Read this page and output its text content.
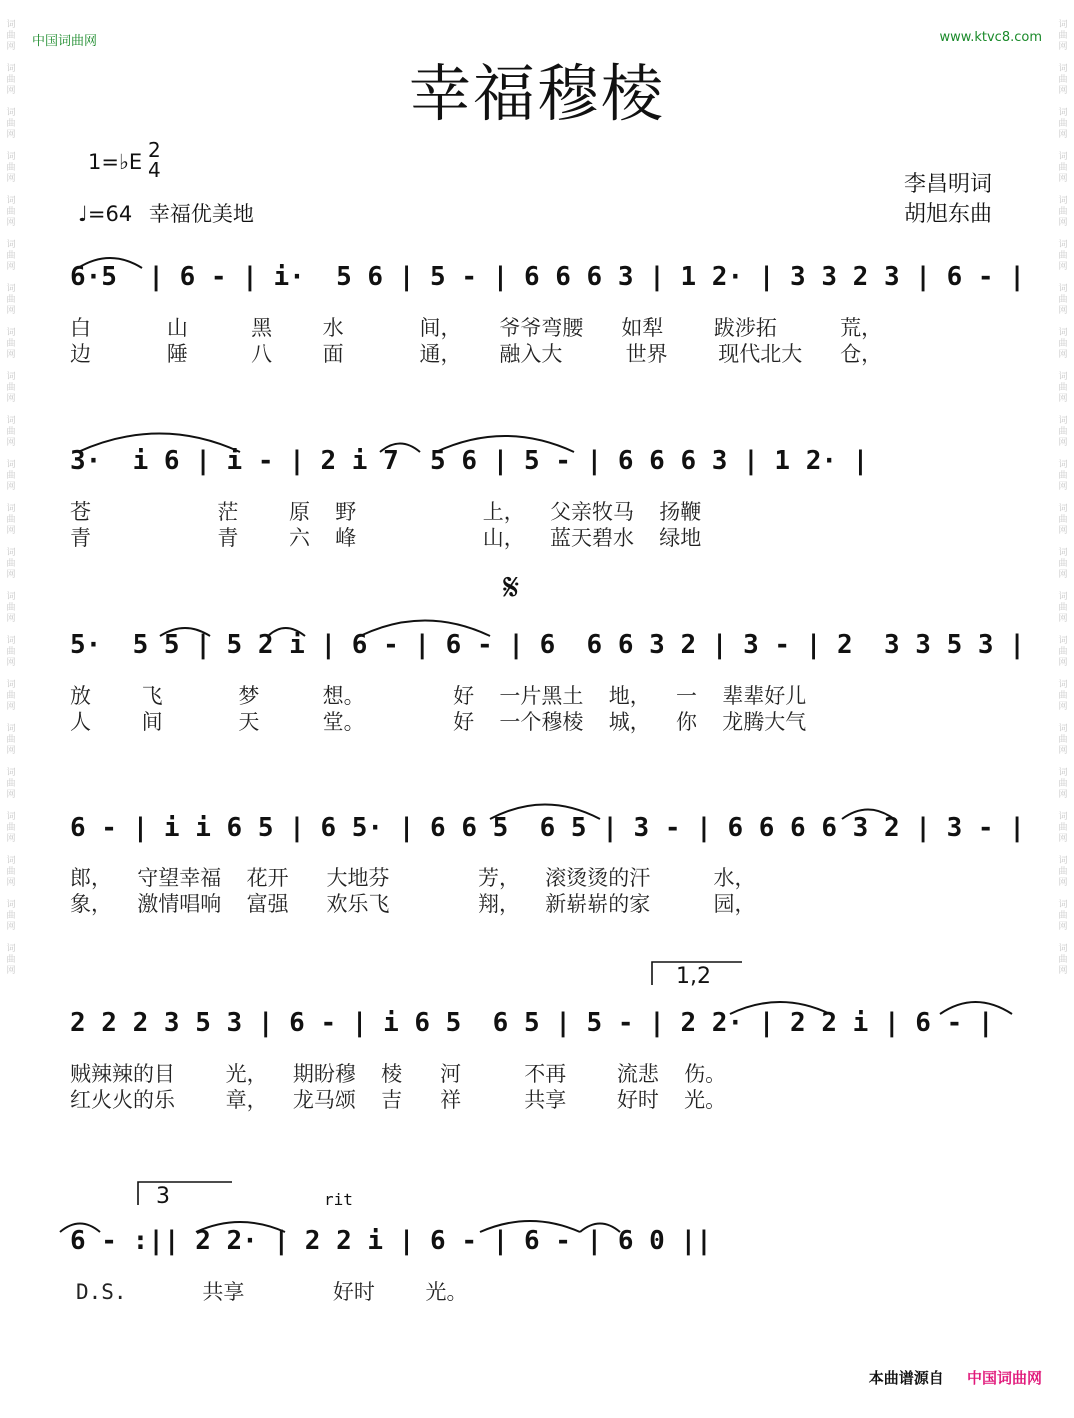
中国词曲网	www.ktvc8.com
词
曲
网

词
曲
网

词
曲
网

词
曲
网

词
曲
网

词
曲
网

词
曲
网

词
曲
网

词
曲
网

词
曲
网

词
曲
网

词
曲
网

词
曲
网

词
曲
网

词
曲
网

词
曲
网

词
曲
网

词
曲
网

词
曲
网

词
曲
网

词
曲
网

词
曲
网

词
曲
网

词
曲
网

词
曲
网

词
曲
网

词
曲
网

词
曲
网

词
曲
网

词
曲
网

词
曲
网

词
曲
网

词
曲
网

词
曲
网

词
曲
网

词
曲
网

词
曲
网

词
曲
网

词
曲
网

词
曲
网

词
曲
网

词
曲
网

词
曲
网

词
曲
网

幸福穆棱
1=♭E 2
4
♩=64 幸福优美地
李昌明词
胡旭东曲
6·5  | 6 - | i·  5 6 | 5 - | 6 6 6 3 | 1 2· | 3 3 2 3 | 6 - |
白      山     黑    水      间，   爷爷弯腰   如犁    跋涉拓     荒，
边      陲     八    面      通，   融入大     世界    现代北大   仓，
3·  i 6 | i - | 2 i 7  5 6 | 5 - | 6 6 6 3 | 1 2· |
苍          茫    原  野          上，  父亲牧马  扬鞭
青          青    六  峰          山，  蓝天碧水  绿地
𝄋
5·  5 5 | 5 2 i | 6 - | 6 - | 6  6 6 3 2 | 3 - | 2  3 3 5 3 |
放    飞      梦     想。       好  一片黑土  地，  一  辈辈好儿
人    间      天     堂。       好  一个穆棱  城，  你  龙腾大气
6 - | i i 6 5 | 6 5· | 6 6 5  6 5 | 3 - | 6 6 6 6 3 2 | 3 - |
郎，  守望幸福  花开   大地芬       芳，  滚烫烫的汗     水，
象，  激情唱响  富强   欢乐飞       翔，  新崭崭的家     园，
1,2
2 2 2 3 5 3 | 6 - | i 6 5  6 5 | 5 - | 2 2· | 2 2 i | 6 - |
贼辣辣的目    光，  期盼穆  棱   河     不再    流悲  伤。
红火火的乐    章，  龙马颂  吉   祥     共享    好时  光。
3	rit
6 - :|| 2 2· | 2 2 i | 6 - | 6 - | 6 0 ||
D.S.      共享       好时    光。
本曲谱源自 中国词曲网
